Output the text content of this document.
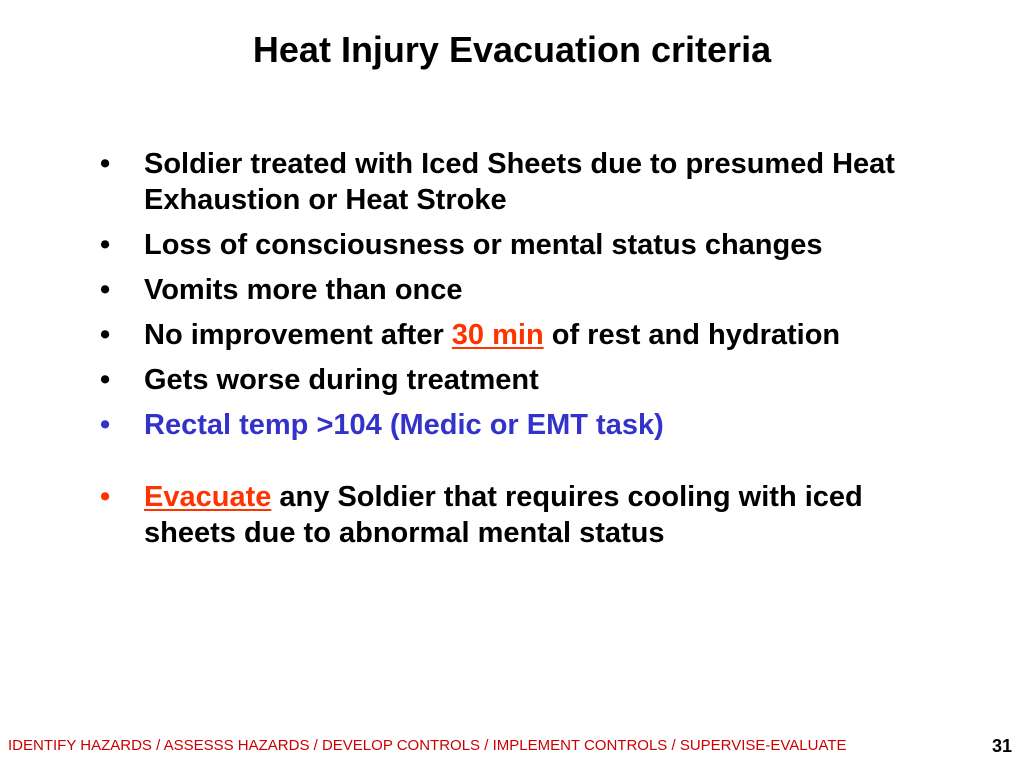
Heat Injury Evacuation criteria
•	Soldier treated with Iced Sheets due to presumed Heat Exhaustion or Heat Stroke
•	Loss of consciousness or mental status changes
•	Vomits more than once
•	No improvement after 30 min of rest and hydration
•	Gets worse during treatment
•	Rectal temp >104 (Medic or EMT task)
•	Evacuate any Soldier that requires cooling with iced sheets due to abnormal mental status
IDENTIFY HAZARDS / ASSESSS HAZARDS / DEVELOP CONTROLS / IMPLEMENT CONTROLS / SUPERVISE-EVALUATE	31
